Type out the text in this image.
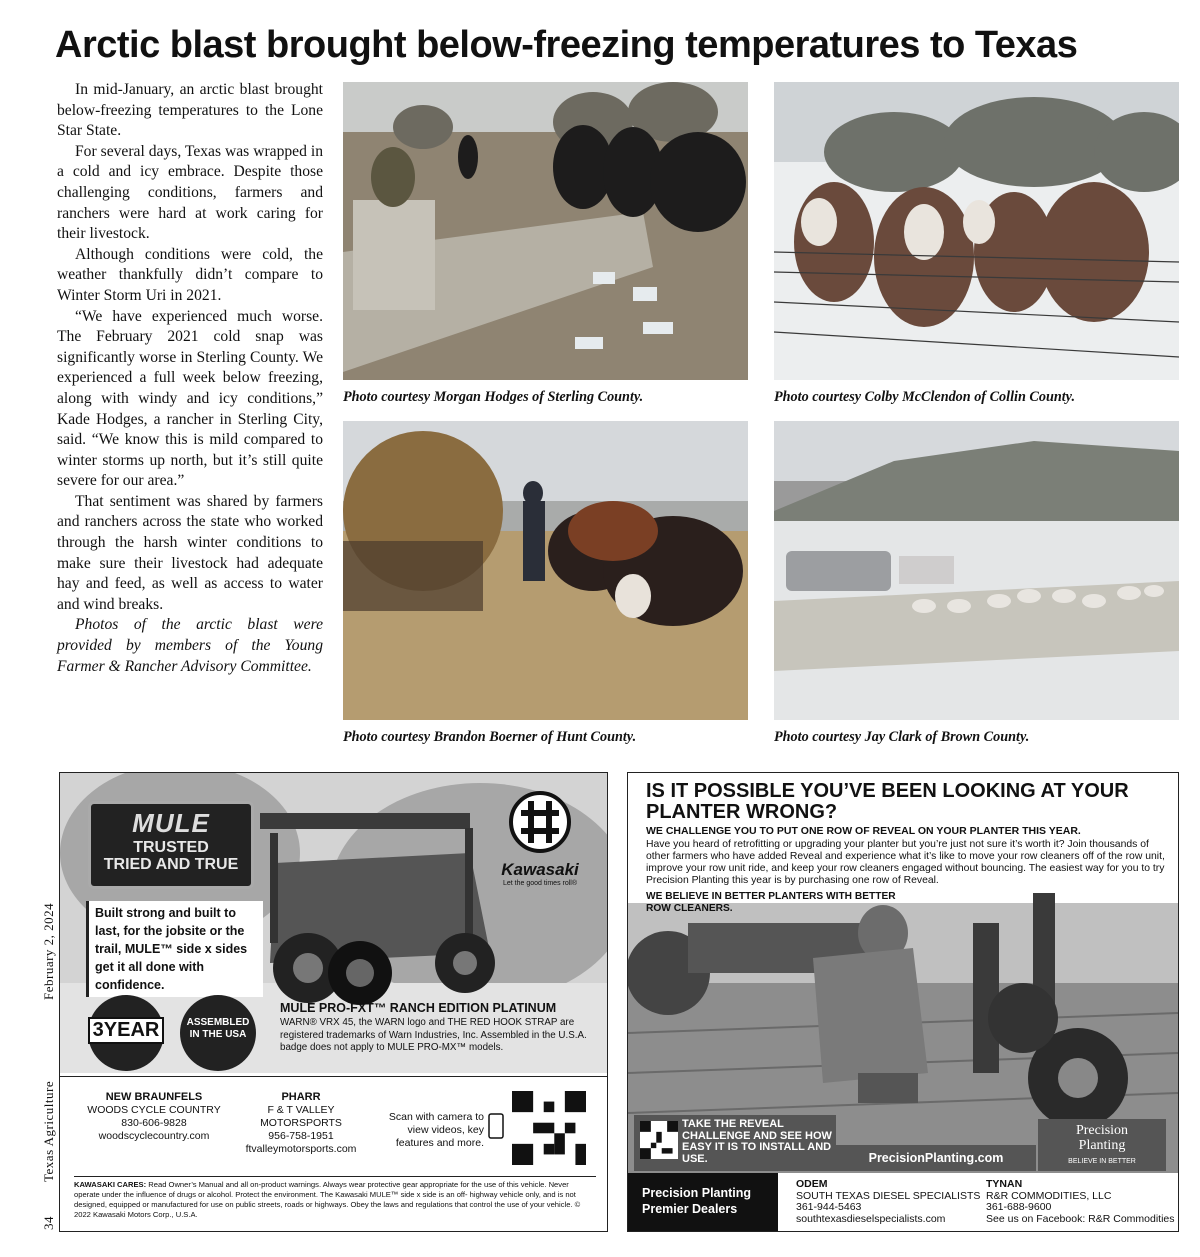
Arctic blast brought below-freezing temperatures to Texas

In mid-January, an arctic blast brought below-freezing temperatures to the Lone Star State.

For several days, Texas was wrapped in a cold and icy embrace. Despite those challenging conditions, farmers and ranchers were hard at work caring for their livestock.

Although conditions were cold, the weather thankfully didn’t compare to Winter Storm Uri in 2021.

“We have experienced much worse. The February 2021 cold snap was significantly worse in Sterling County. We experienced a full week below freezing, along with windy and icy conditions,” Kade Hodges, a rancher in Sterling City, said. “We know this is mild compared to winter storms up north, but it’s still quite severe for our area.”

That sentiment was shared by farmers and ranchers across the state who worked through the harsh winter conditions to make sure their livestock had adequate hay and feed, as well as access to water and wind breaks.

Photos of the arctic blast were provided by members of the Young Farmer & Rancher Advisory Committee.

Photo courtesy Morgan Hodges of Sterling County.	Photo courtesy Colby McClendon of Collin County.
Photo courtesy Brandon Boerner of Hunt County.	Photo courtesy Jay Clark of Brown County.
February 2, 2024
Texas Agriculture
34
MULE
TRUSTED
TRIED AND TRUE	Kawasaki
Let the good times roll®
Built strong and built to last, for the jobsite or the trail, MULE™ side x sides get it all done with confidence.
3YEAR	ASSEMBLED
IN THE USA
MULE PRO-FXT™ RANCH EDITION PLATINUM
WARN® VRX 45, the WARN logo and THE RED HOOK STRAP are registered trademarks of Warn Industries, Inc. Assembled in the U.S.A. badge does not apply to MULE PRO-MX™ models.
NEW BRAUNFELS
WOODS CYCLE COUNTRY
830-606-9828
woodscyclecountry.com
PHARR
F & T VALLEY
MOTORSPORTS
956-758-1951
ftvalleymotorsports.com
Scan with camera to view videos, key features and more.
KAWASAKI CARES: Read Owner’s Manual and all on-product warnings. Always wear protective gear appropriate for the use of this vehicle. Never operate under the influence of drugs or alcohol. Protect the environment. The Kawasaki MULE™ side x side is an off- highway vehicle only, and is not designed, equipped or manufactured for use on public streets, roads or highways. Obey the laws and regulations that control the use of your vehicle. © 2022 Kawasaki Motors Corp., U.S.A.
IS IT POSSIBLE YOU’VE BEEN LOOKING AT YOUR PLANTER WRONG?
WE CHALLENGE YOU TO PUT ONE ROW OF REVEAL ON YOUR PLANTER THIS YEAR.
Have you heard of retrofitting or upgrading your planter but you’re just not sure it’s worth it? Join thousands of other farmers who have added Reveal and experience what it’s like to move your row cleaners off of the row unit, improve your row unit ride, and keep your row cleaners engaged without bouncing. The easiest way for you to try Precision Planting this year is by purchasing one row of Reveal.
WE BELIEVE IN BETTER PLANTERS WITH BETTER ROW CLEANERS.
TAKE THE REVEAL CHALLENGE AND SEE HOW EASY IT IS TO INSTALL AND USE.	PrecisionPlanting.com
Precision
Planting
BELIEVE IN BETTER
Precision Planting Premier Dealers
ODEM
SOUTH TEXAS DIESEL SPECIALISTS
361-944-5463
southtexasdieselspecialists.com
TYNAN
R&R COMMODITIES, LLC
361-688-9600
See us on Facebook: R&R Commodities
